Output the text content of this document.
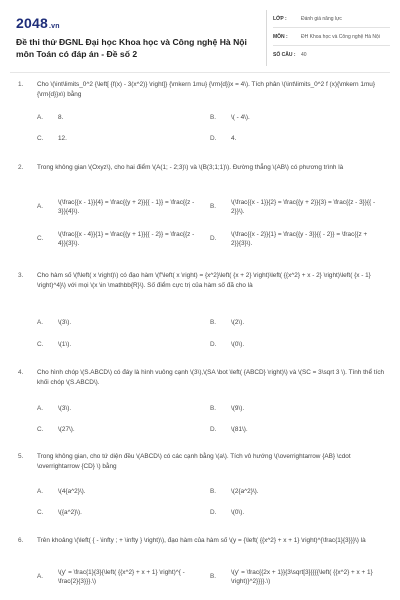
2048.vn
Đề thi thử ĐGNL Đại học Khoa học và Công nghệ Hà Nội môn Toán có đáp án - Đề số 2
LỚP :	Đánh giá năng lực
MÔN :	ĐH Khoa học và Công nghệ Hà Nội
SỐ CÂU :	40
1.	Cho \(\int\limits_0^2 {\left[ {f(x) - 3(x^2)} \right]} {\mkern 1mu} {\rm{d}}x = 4\). Tích phân \(\int\limits_0^2 f (x){\mkern 1mu} {\rm{d}}x\) bằng
A. 8.	B. \( - 4\).
C. 12.	D. 4.
2.	Trong không gian \(Oxyz\), cho hai điểm \(A(1; - 2;3)\) và \(B(3;1;1)\). Đường thẳng \(AB\) có phương trình là
A.
\(\frac{{x - 1}}{4} = \frac{{y + 2}}{{ - 1}} = \frac{{z - 3}}{4}\).
B.
\(\frac{{x - 1}}{2} = \frac{{y + 2}}{3} = \frac{{z - 3}}{{ - 2}}\).
C.
\(\frac{{x - 4}}{1} = \frac{{y + 1}}{{ - 2}} = \frac{{z - 4}}{3}\).
D.
\(\frac{{x - 2}}{1} = \frac{{y - 3}}{{ - 2}} = \frac{{z + 2}}{3}\).
3.	Cho hàm số \(f\left( x \right)\) có đạo hàm \(f'\left( x \right) = {x^2}\left( {x + 2} \right)\left( {{x^2} + x - 2} \right)\left( {x - 1} \right)^4}\) với mọi \(x \in \mathbb{R}\). Số điểm cực trị của hàm số đã cho là
A. \(3\).	B. \(2\).
C. \(1\).	D. \(0\).
4.	Cho hình chóp \(S.ABCD\) có đáy là hình vuông cạnh \(3\),\(SA \bot \left( {ABCD} \right)\) và \(SC = 3\sqrt 3 \). Tính thể tích khối chóp \(S.ABCD\).
A. \(3\).	B. \(9\).
C. \(27\).	D. \(81\).
5.	Trong không gian, cho tứ diện đều \(ABCD\) có các cạnh bằng \(a\). Tích vô hướng \(\overrightarrow {AB} \cdot \overrightarrow {CD} \) bằng
A. \(4{a^2}\).	B. \(2{a^2}\).
C. \({a^2}\).	D. \(0\).
6.	Trên khoảng \(\left( { - \infty ; + \infty } \right)\), đạo hàm của hàm số \(y = {\left( {{x^2} + x + 1} \right)^{\frac{1}{3}}}\) là
A.
\(y' = \frac{1}{3}{\left( {{x^2} + x + 1} \right)^{ - \frac{2}{3}}}.\)
B.
\(y' = \frac{{2x + 1}}{3\sqrt[3]{{{{\left( {{x^2} + x + 1} \right)}^2}}}}.\)
